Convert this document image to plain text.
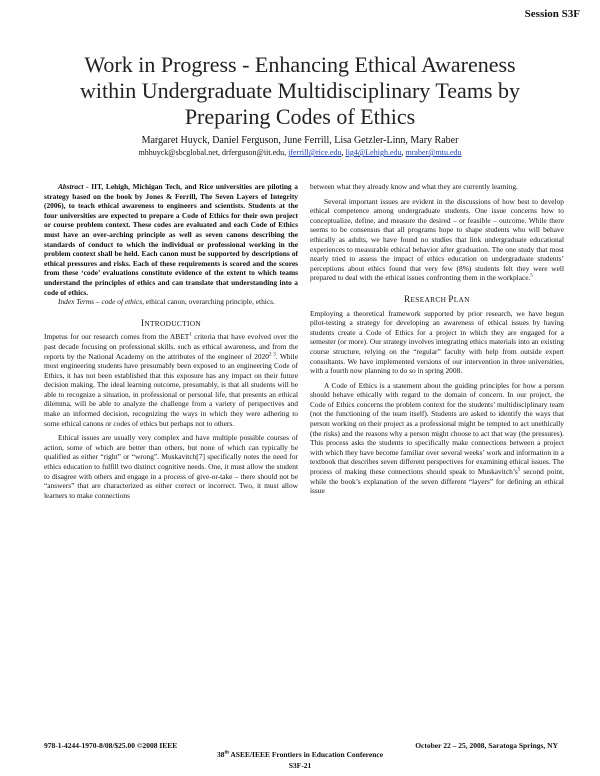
Session S3F
Work in Progress - Enhancing Ethical Awareness
within Undergraduate Multidisciplinary Teams by
Preparing Codes of Ethics
Margaret Huyck, Daniel Ferguson, June Ferrill, Lisa Getzler-Linn, Mary Raber
mhhuyck@sbcglobal.net, drferguson@iit.edu, jferrill@rice.edu, lig4@Lehigh.edu, mraber@mtu.edu

Abstract - IIT, Lehigh, Michigan Tech, and Rice universities are piloting a strategy based on the book by Jones & Ferrill, The Seven Layers of Integrity (2006), to teach ethical awareness to engineers and scientists. Students at the four universities are expected to prepare a Code of Ethics for their own project or course problem context. These codes are evaluated and each Code of Ethics must have an over-arching principle as well as seven canons describing the standards of conduct to which the individual or professional working in the problem context shall be held. Each canon must be supported by descriptions of ethical pressures and risks. Each of these requirements is scored and the scores from these ‘code’ evaluations constitute evidence of the extent to which teams understand the principles of ethics and can translate that understanding into a code of ethics.

Index Terms – code of ethics, ethical canon, overarching principle, ethics.

INTRODUCTION

Impetus for our research comes from the ABET$^1$ criteria that have evolved over the past decade focusing on professional skills, such as ethical awareness, and from the reports by the National Academy on the attributes of the engineer of 2020$^2$ $^3$. While most engineering students have presumably been exposed to an engineering Code of Ethics, it has not been established that this exposure has any impact on their future decision making. The ideal learning outcome, presumably, is that all students will be able to recognize a situation, in professional or personal life, that presents an ethical dilemma, will be able to analyze the challenge from a variety of perspectives and make an informed decision, recognizing the ways in which they were adhering to some ethical canons or codes of ethics but perhaps not to others.

Ethical issues are usually very complex and have multiple possible courses of action, some of which are better than others, but none of which can typically be qualified as either “right” or “wrong”. Muskavitch[7] specifically notes the need for ethics education to fulfill two distinct cognitive needs. One, it must allow the student to disagree with others and engage in a process of give-or-take – there should not be “answers” that are characterized as either correct or incorrect. Two, it must allow learners to make connections

between what they already know and what they are currently learning.

Several important issues are evident in the discussions of how best to develop ethical competence among undergraduate students. One issue concerns how to conceptualize, define, and measure the desired – or feasible – outcome. While there seems to be consensus that all programs hope to shape students who will behave ethically as adults, we have found no studies that link undergraduate educational experiences to measurable ethical behavior after graduation. The one study that most nearly tried to assess the impact of ethics education on undergraduate students’ perceptions about ethics found that very few (8%) students felt they were well prepared to deal with the ethical issues confronting them in the workplace.$^5$

RESEARCH PLAN

Employing a theoretical framework supported by prior research, we have begun pilot-testing a strategy for developing an awareness of ethical issues by having students create a Code of Ethics for a project in which they are engaged for a semester (or more). Our strategy involves integrating ethics materials into an existing course structure, relying on the “regular” faculty with help from outside expert consultants. We have implemented versions of our intervention in three universities, with a fourth now planning to do so in spring 2008.

A Code of Ethics is a statement about the guiding principles for how a person should behave ethically with regard to the domain of concern. In our project, the Code of Ethics concerns the problem context for the students’ multidisciplinary team (not the functioning of the team itself). Students are asked to identify the ways that person working on their project as a professional might be tempted to act unethically (the risks) and the reasons why a person might choose to act that way (the pressures). This process asks the students to specifically make connections between a project with which they have become familiar over several weeks’ work and information in a textbook that describes seven different perspectives for examining ethical issues. The process of making these connections should speak to $Muskavitch’s^5$ second point, while the book’s explanation of the seven different “layers” for defining an ethical issue

978-1-4244-1970-8/08/$25.00 ©2008 IEEE	October 22 – 25, 2008, Saratoga Springs, NY
38th ASEE/IEEE Frontiers in Education Conference
S3F-21
